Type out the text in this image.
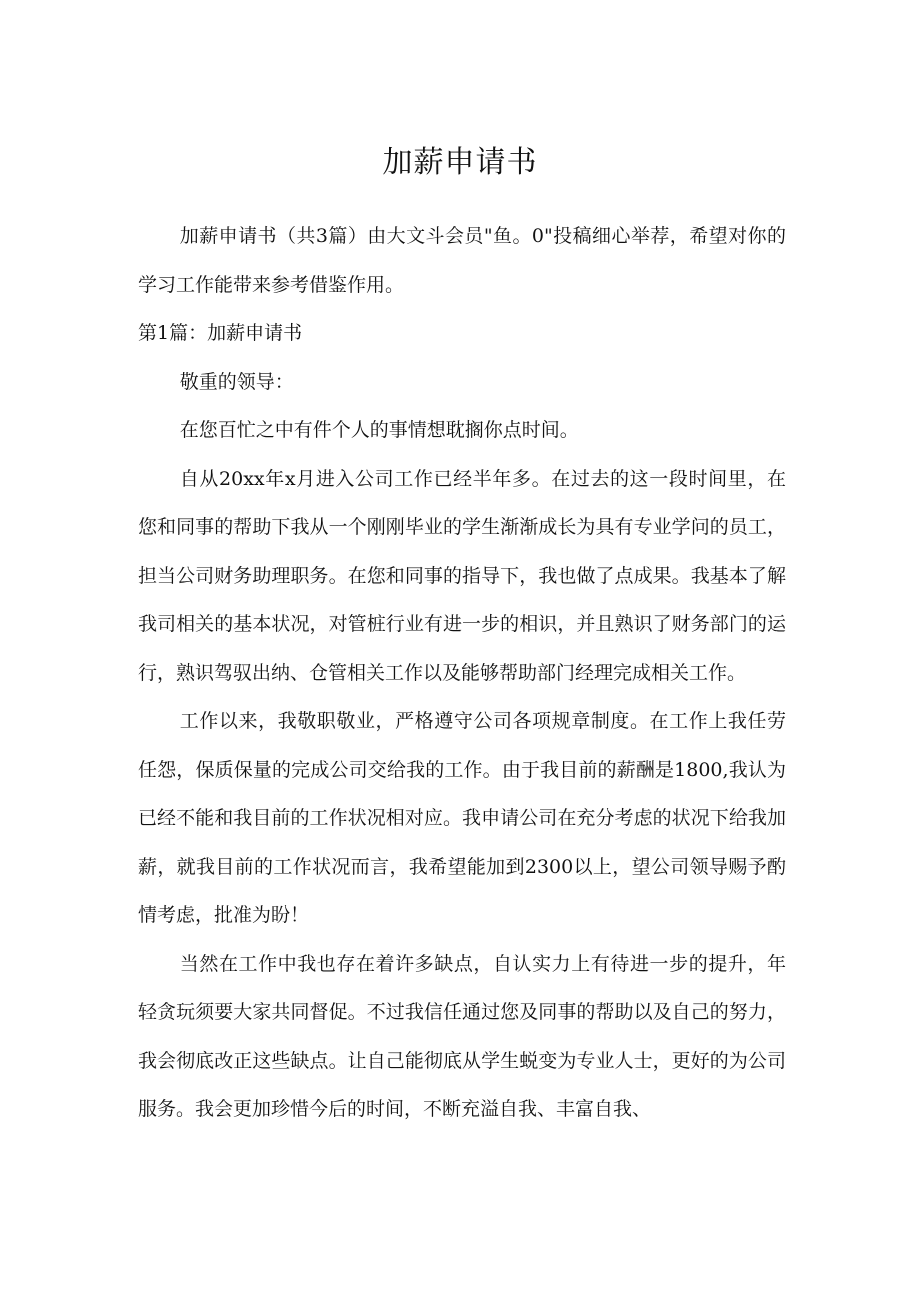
加薪申请书

加薪申请书（共3篇）由大文斗会员"鱼。0"投稿细心举荐，希望对你的学习工作能带来参考借鉴作用。

第1篇：加薪申请书

敬重的领导：

在您百忙之中有件个人的事情想耽搁你点时间。

自从20xx年x月进入公司工作已经半年多。在过去的这一段时间里，在您和同事的帮助下我从一个刚刚毕业的学生渐渐成长为具有专业学问的员工，担当公司财务助理职务。在您和同事的指导下，我也做了点成果。我基本了解我司相关的基本状况，对管桩行业有进一步的相识，并且熟识了财务部门的运行，熟识驾驭出纳、仓管相关工作以及能够帮助部门经理完成相关工作。

工作以来，我敬职敬业，严格遵守公司各项规章制度。在工作上我任劳任怨，保质保量的完成公司交给我的工作。由于我目前的薪酬是1800,我认为已经不能和我目前的工作状况相对应。我申请公司在充分考虑的状况下给我加薪，就我目前的工作状况而言，我希望能加到2300以上，望公司领导赐予酌情考虑，批准为盼！

当然在工作中我也存在着许多缺点，自认实力上有待进一步的提升，年轻贪玩须要大家共同督促。不过我信任通过您及同事的帮助以及自己的努力，我会彻底改正这些缺点。让自己能彻底从学生蜕变为专业人士，更好的为公司服务。我会更加珍惜今后的时间，不断充溢自我、丰富自我、
